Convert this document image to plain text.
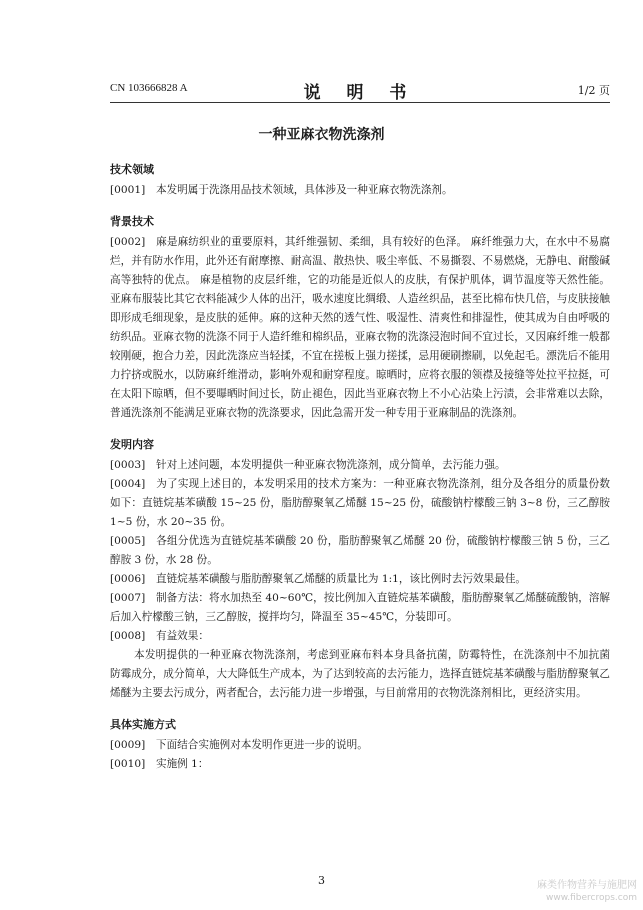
CN 103666828 A	说 明 书	1/2 页
一种亚麻衣物洗涤剂
技术领域
[0001] 本发明属于洗涤用品技术领域，具体涉及一种亚麻衣物洗涤剂。
背景技术
[0002] 麻是麻纺织业的重要原料，其纤维强韧、柔细，具有较好的色泽。 麻纤维强力大，在水中不易腐烂，并有防水作用，此外还有耐摩擦、耐高温、散热快、吸尘率低、不易撕裂、不易燃烧，无静电、耐酸碱高等独特的优点。 麻是植物的皮层纤维，它的功能是近似人的皮肤，有保护肌体，调节温度等天然性能。亚麻布服装比其它衣料能减少人体的出汗，吸水速度比绸缎、人造丝织品，甚至比棉布快几倍，与皮肤接触即形成毛细现象，是皮肤的延伸。麻的这种天然的透气性、吸湿性、清爽性和排湿性，使其成为自由呼吸的纺织品。亚麻衣物的洗涤不同于人造纤维和棉织品，亚麻衣物的洗涤浸泡时间不宜过长，又因麻纤维一般都较刚硬，抱合力差，因此洗涤应当轻揉，不宜在搓板上强力搓揉，忌用硬刷擦刷，以免起毛。漂洗后不能用力拧挤或脱水，以防麻纤维滑动，影响外观和耐穿程度。晾晒时，应将衣服的领襟及接缝等处拉平拉挺，可在太阳下晾晒，但不要曝晒时间过长，防止褪色，因此当亚麻衣物上不小心沾染上污渍，会非常难以去除，普通洗涤剂不能满足亚麻衣物的洗涤要求，因此急需开发一种专用于亚麻制品的洗涤剂。
发明内容
[0003] 针对上述问题，本发明提供一种亚麻衣物洗涤剂，成分简单，去污能力强。
[0004] 为了实现上述目的，本发明采用的技术方案为：一种亚麻衣物洗涤剂，组分及各组分的质量份数如下：直链烷基苯磺酸 15~25 份，脂肪醇聚氧乙烯醚 15~25 份，硫酸钠柠檬酸三钠 3~8 份，三乙醇胺 1~5 份，水 20~35 份。
[0005] 各组分优选为直链烷基苯磺酸 20 份，脂肪醇聚氧乙烯醚 20 份，硫酸钠柠檬酸三钠 5 份，三乙醇胺 3 份，水 28 份。
[0006] 直链烷基苯磺酸与脂肪醇聚氧乙烯醚的质量比为 1:1，该比例时去污效果最佳。
[0007] 制备方法：将水加热至 40~60℃，按比例加入直链烷基苯磺酸，脂肪醇聚氧乙烯醚硫酸钠，溶解后加入柠檬酸三钠，三乙醇胺，搅拌均匀，降温至 35~45℃，分装即可。
[0008] 有益效果：
本发明提供的一种亚麻衣物洗涤剂，考虑到亚麻布料本身具备抗菌，防霉特性，在洗涤剂中不加抗菌防霉成分，成分简单，大大降低生产成本，为了达到较高的去污能力，选择直链烷基苯磺酸与脂肪醇聚氧乙烯醚为主要去污成分，两者配合，去污能力进一步增强，与目前常用的衣物洗涤剂相比，更经济实用。
具体实施方式
[0009] 下面结合实施例对本发明作更进一步的说明。
[0010] 实施例 1：
3	麻类作物营养与施肥网
www.fibercrops.com
